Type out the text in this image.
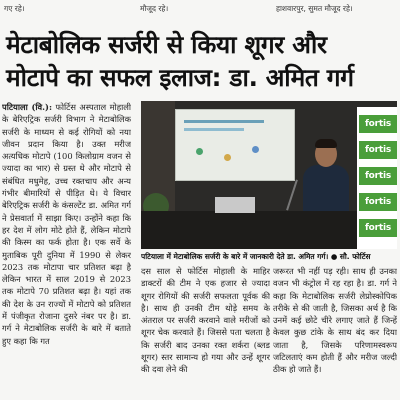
गए रहे।	मौजूद रहे।	हाशवारपुर, सुमत मौजूद रहे।
मेटाबोलिक सर्जरी से किया शूगर और
मोटापे का सफल इलाज: डा. अमित गर्ग

पटियाला (वि.): फोर्टिस अस्पताल मोहाली के बेरिएट्रिक सर्जरी विभाग ने मेटाबोलिक सर्जरी के माध्यम से कई रोगियों को नया जीवन प्रदान किया है। उक्त मरीज अत्यधिक मोटापे (100 किलोग्राम वजन से ज्यादा का भार) से ग्रस्त थे और मोटापे से संबंधित मधुमेह, उच्च रक्तचाप और अन्य गंभीर बीमारियों से पीड़ित थे। ये विचार बेरिएट्रिक सर्जरी के कंसल्टेंट डा. अमित गर्ग ने प्रेसवार्ता में साझा किए। उन्होंने कहा कि हर देश में लोग मोटे होते हैं, लेकिन मोटापे की किस्म का फर्क होता है। एक सर्वे के मुताबिक पूरी दुनिया में 1990 से लेकर 2023 तक मोटापा चार प्रतिशत बढ़ा है लेकिन भारत में साल 2019 से 2023 तक मोटापे 70 प्रतिशत बढ़ा है। यहां तक की देश के उन राज्यों में मोटापे को प्रतिशत में पंजीकृत रोजाना दुसरे नंबर पर है। डा. गर्ग ने मेटाबोलिक सर्जरी के बारे में बताते हुए कहा कि गत

fortis
fortis
fortis
fortis
fortis

पटियाला में मेटाबोलिक सर्जरी के बारे में जानकारी देते डा. अमित गर्ग। ● सौ. फोर्टिस

दस साल से फोर्टिस मोहाली के माहिर डाक्टरों की टीम ने एक हजार से ज्यादा शूगर रोगियों की सर्जरी सफलता पूर्वक की है। साथ ही उनकी टीम थोड़े समय के अंतराल पर सर्जरी करवाने वाले मरीजों को शूगर चेक करवाते हैं। जिससे पता चलता है कि सर्जरी बाद उनका रक्त शर्करा (ब्लड शूगर) स्तर सामान्य हो गया और उन्हें शूगर की दवा लेने की

जरूरत भी नहीं पड़ रही। साथ ही उनका वजन भी कंट्रोल में रह रहा है। डा. गर्ग ने कहा कि मेटाबोलिक सर्जरी लेप्रोस्कोपिक तरीके से की जाती है, जिसका अर्थ है कि उनमें कई छोटे चीरे लगाए जाते हैं जिन्हें केवल कुछ टांके के साथ बंद कर दिया जाता है, जिसके परिणामस्वरूप जटिलताएं कम होती हैं और मरीज जल्दी ठीक हो जाते हैं।
